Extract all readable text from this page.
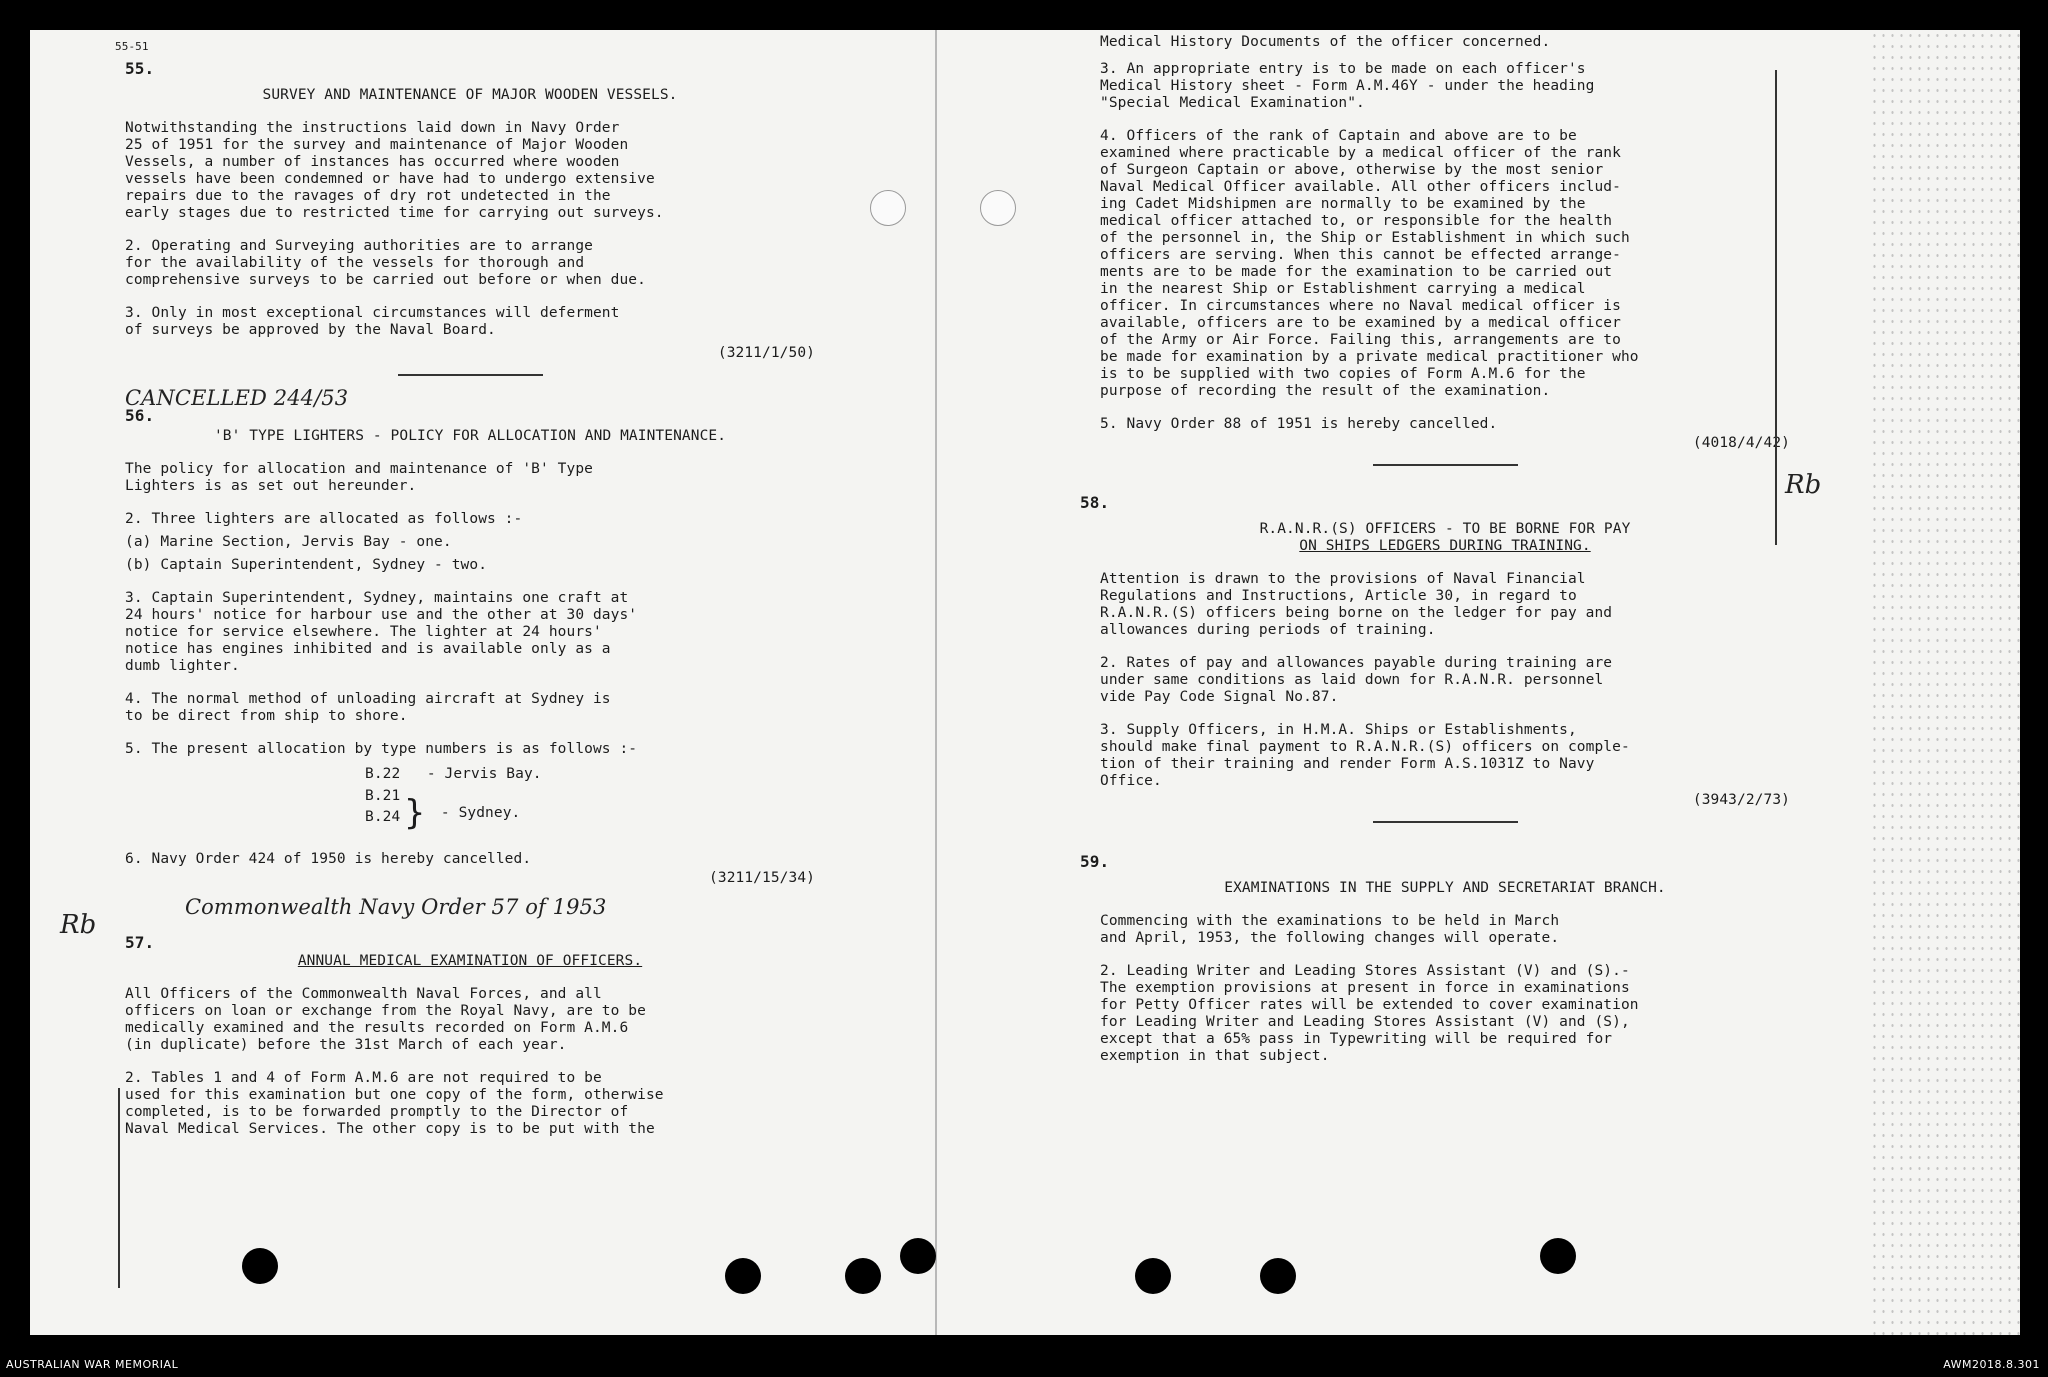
55-51
55.
SURVEY AND MAINTENANCE OF MAJOR WOODEN VESSELS.

Notwithstanding the instructions laid down in Navy Order
25 of 1951 for the survey and maintenance of Major Wooden
Vessels, a number of instances has occurred where wooden
vessels have been condemned or have had to undergo extensive
repairs due to the ravages of dry rot undetected in the
early stages due to restricted time for carrying out surveys.

2. Operating and Surveying authorities are to arrange
for the availability of the vessels for thorough and
comprehensive surveys to be carried out before or when due.

3. Only in most exceptional circumstances will deferment
of surveys be approved by the Naval Board.

(3211/1/50)
CANCELLED 244/53
56.
'B' TYPE LIGHTERS - POLICY FOR ALLOCATION AND MAINTENANCE.

The policy for allocation and maintenance of 'B' Type
Lighters is as set out hereunder.

2. Three lighters are allocated as follows :-

(a) Marine Section, Jervis Bay - one.

(b) Captain Superintendent, Sydney - two.

3. Captain Superintendent, Sydney, maintains one craft at
24 hours' notice for harbour use and the other at 30 days'
notice for service elsewhere. The lighter at 24 hours'
notice has engines inhibited and is available only as a
dumb lighter.

4. The normal method of unloading aircraft at Sydney is
to be direct from ship to shore.

5. The present allocation by type numbers is as follows :-

B.22 - Jervis Bay.
B.21
B.24 } - Sydney.

6. Navy Order 424 of 1950 is hereby cancelled.

(3211/15/34)
Commonwealth Navy Order 57 of 1953
57.
ANNUAL MEDICAL EXAMINATION OF OFFICERS.

All Officers of the Commonwealth Naval Forces, and all
officers on loan or exchange from the Royal Navy, are to be
medically examined and the results recorded on Form A.M.6
(in duplicate) before the 31st March of each year.

2. Tables 1 and 4 of Form A.M.6 are not required to be
used for this examination but one copy of the form, otherwise
completed, is to be forwarded promptly to the Director of
Naval Medical Services. The other copy is to be put with the

Medical History Documents of the officer concerned.

3. An appropriate entry is to be made on each officer's
Medical History sheet - Form A.M.46Y - under the heading
"Special Medical Examination".

4. Officers of the rank of Captain and above are to be
examined where practicable by a medical officer of the rank
of Surgeon Captain or above, otherwise by the most senior
Naval Medical Officer available. All other officers includ-
ing Cadet Midshipmen are normally to be examined by the
medical officer attached to, or responsible for the health
of the personnel in, the Ship or Establishment in which such
officers are serving. When this cannot be effected arrange-
ments are to be made for the examination to be carried out
in the nearest Ship or Establishment carrying a medical
officer. In circumstances where no Naval medical officer is
available, officers are to be examined by a medical officer
of the Army or Air Force. Failing this, arrangements are to
be made for examination by a private medical practitioner who
is to be supplied with two copies of Form A.M.6 for the
purpose of recording the result of the examination.

5. Navy Order 88 of 1951 is hereby cancelled.

(4018/4/42)
58.
R.A.N.R.(S) OFFICERS - TO BE BORNE FOR PAY
ON SHIPS LEDGERS DURING TRAINING.

Attention is drawn to the provisions of Naval Financial
Regulations and Instructions, Article 30, in regard to
R.A.N.R.(S) officers being borne on the ledger for pay and
allowances during periods of training.

2. Rates of pay and allowances payable during training are
under same conditions as laid down for R.A.N.R. personnel
vide Pay Code Signal No.87.

3. Supply Officers, in H.M.A. Ships or Establishments,
should make final payment to R.A.N.R.(S) officers on comple-
tion of their training and render Form A.S.1031Z to Navy
Office.

(3943/2/73)
59.
EXAMINATIONS IN THE SUPPLY AND SECRETARIAT BRANCH.

Commencing with the examinations to be held in March
and April, 1953, the following changes will operate.

2. Leading Writer and Leading Stores Assistant (V) and (S).-
The exemption provisions at present in force in examinations
for Petty Officer rates will be extended to cover examination
for Leading Writer and Leading Stores Assistant (V) and (S),
except that a 65% pass in Typewriting will be required for
exemption in that subject.

Rb
Rb
AUSTRALIAN WAR MEMORIAL	AWM2018.8.301
